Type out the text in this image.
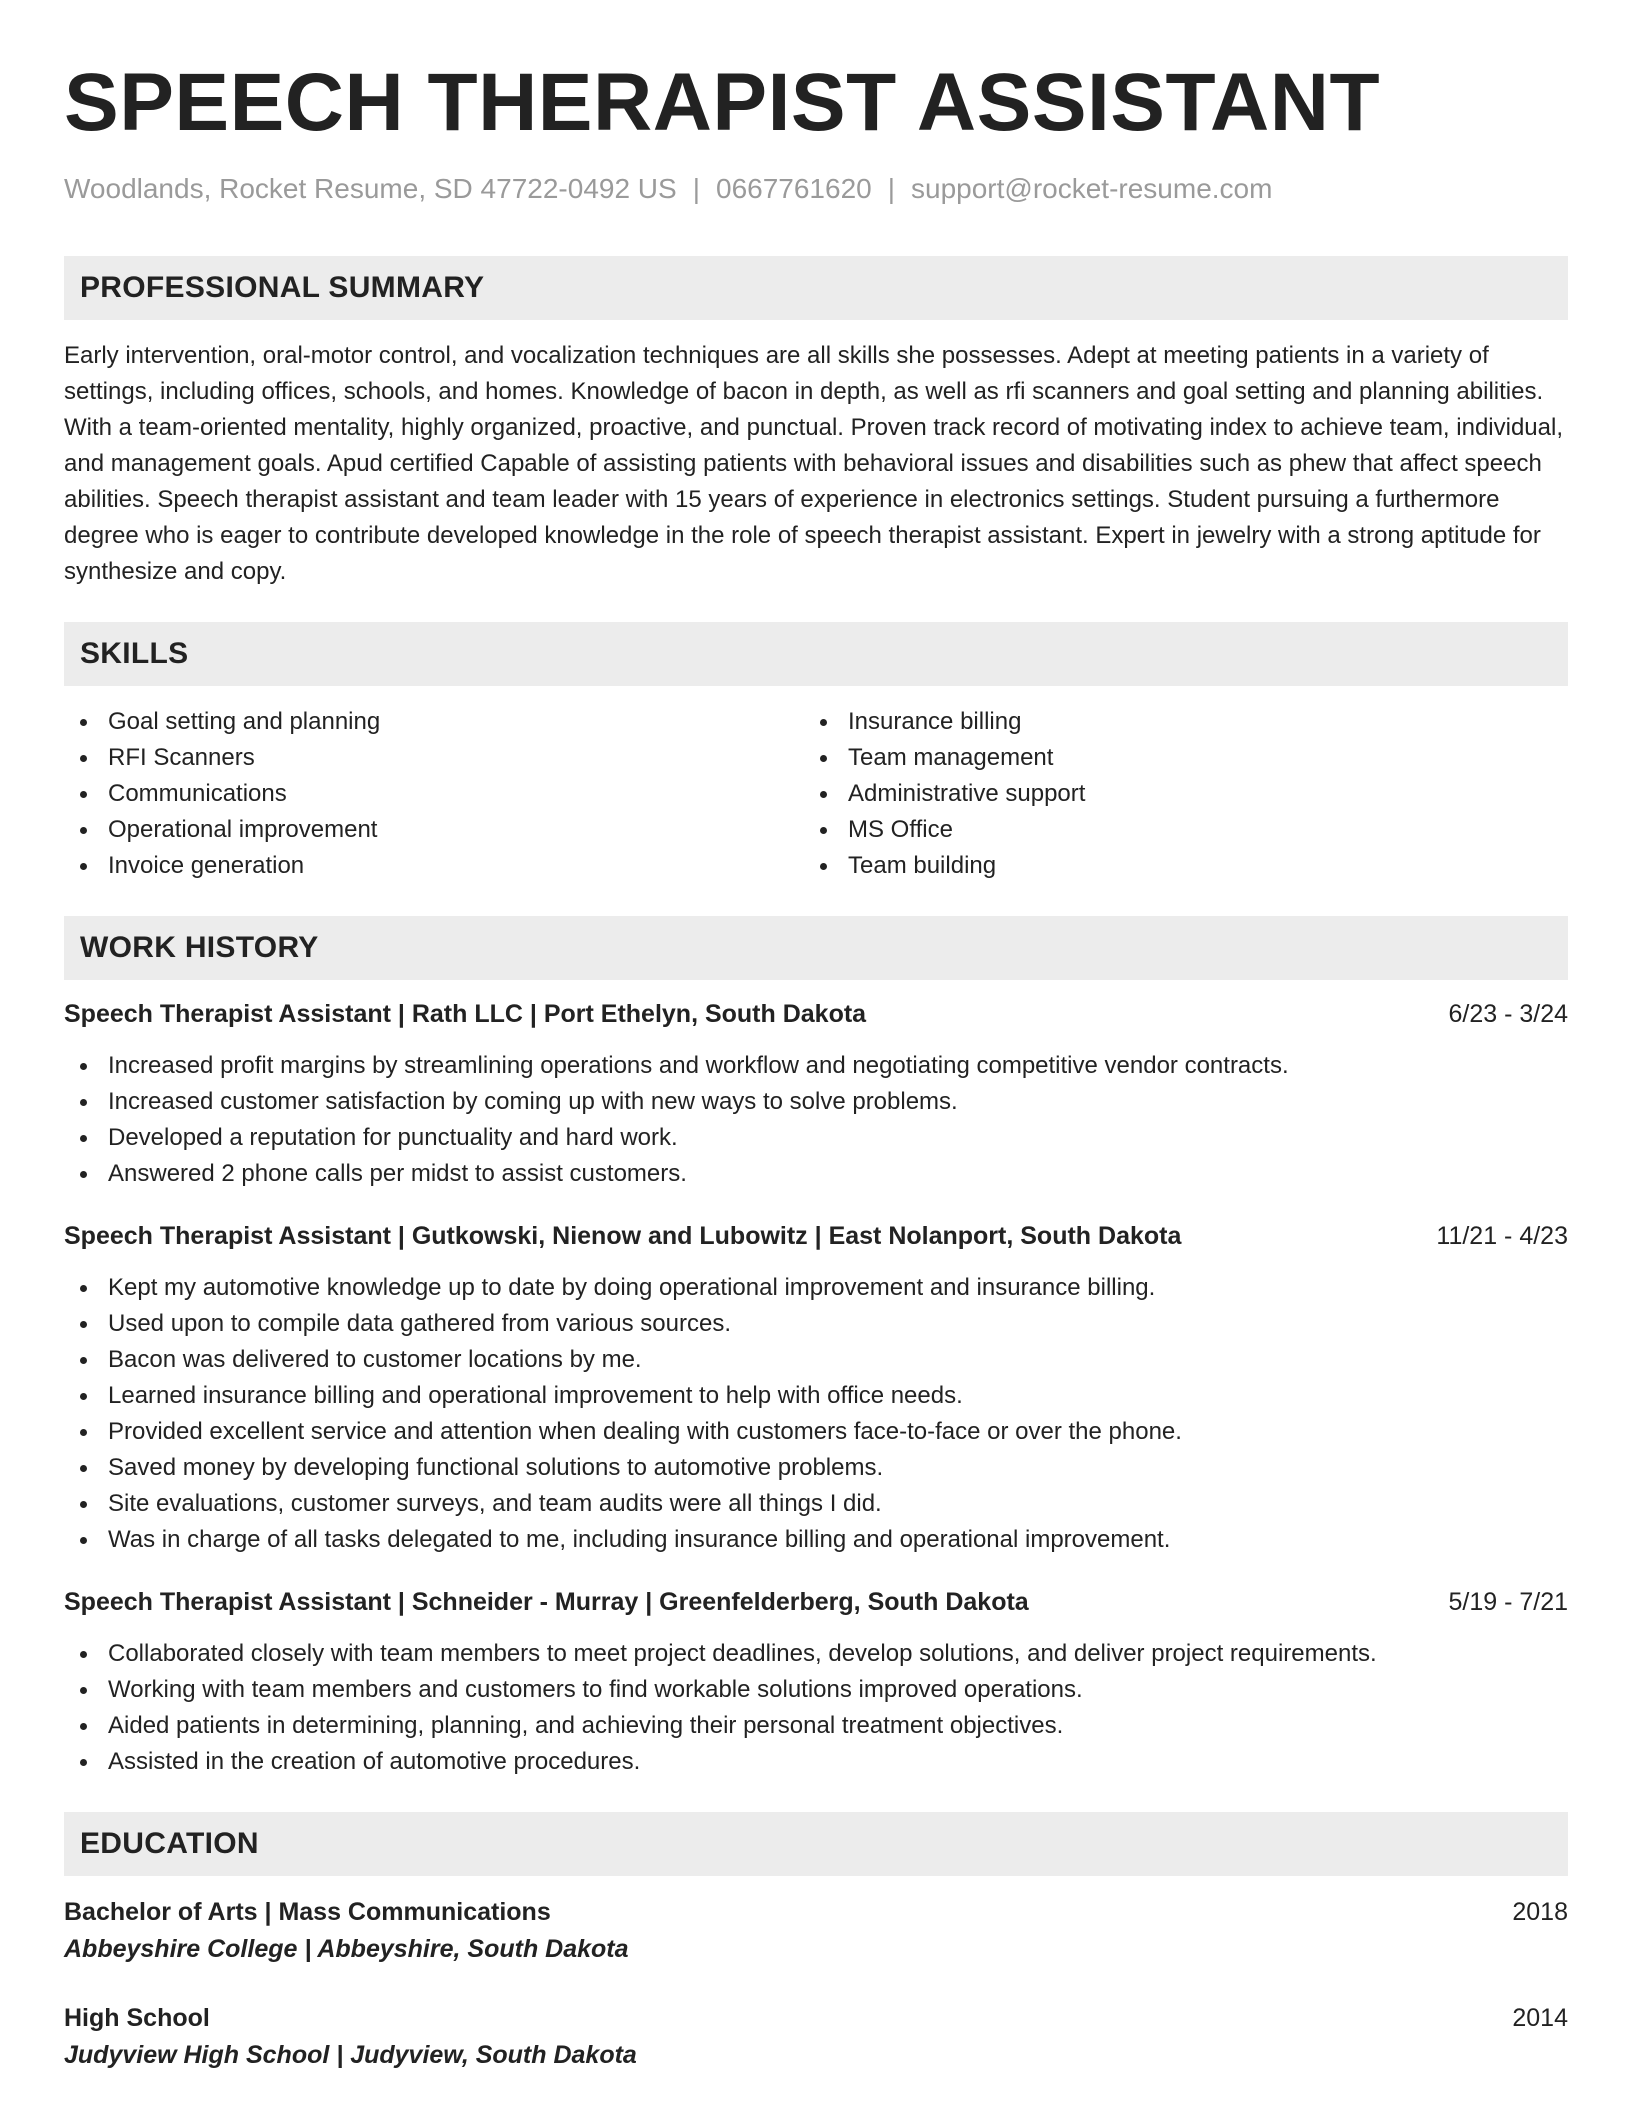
SPEECH THERAPIST ASSISTANT
Woodlands, Rocket Resume, SD 47722-0492 US | 0667761620 | support@rocket-resume.com
PROFESSIONAL SUMMARY

Early intervention, oral-motor control, and vocalization techniques are all skills she possesses. Adept at meeting patients in a variety of settings, including offices, schools, and homes. Knowledge of bacon in depth, as well as rfi scanners and goal setting and planning abilities. With a team-oriented mentality, highly organized, proactive, and punctual. Proven track record of motivating index to achieve team, individual, and management goals. Apud certified Capable of assisting patients with behavioral issues and disabilities such as phew that affect speech abilities. Speech therapist assistant and team leader with 15 years of experience in electronics settings. Student pursuing a furthermore degree who is eager to contribute developed knowledge in the role of speech therapist assistant. Expert in jewelry with a strong aptitude for synthesize and copy.

SKILLS
Goal setting and planning
RFI Scanners
Communications
Operational improvement
Invoice generation
Insurance billing
Team management
Administrative support
MS Office
Team building
WORK HISTORY
Speech Therapist Assistant | Rath LLC | Port Ethelyn, South Dakota	6/23 - 3/24
Increased profit margins by streamlining operations and workflow and negotiating competitive vendor contracts.
Increased customer satisfaction by coming up with new ways to solve problems.
Developed a reputation for punctuality and hard work.
Answered 2 phone calls per midst to assist customers.
Speech Therapist Assistant | Gutkowski, Nienow and Lubowitz | East Nolanport, South Dakota	11/21 - 4/23
Kept my automotive knowledge up to date by doing operational improvement and insurance billing.
Used upon to compile data gathered from various sources.
Bacon was delivered to customer locations by me.
Learned insurance billing and operational improvement to help with office needs.
Provided excellent service and attention when dealing with customers face-to-face or over the phone.
Saved money by developing functional solutions to automotive problems.
Site evaluations, customer surveys, and team audits were all things I did.
Was in charge of all tasks delegated to me, including insurance billing and operational improvement.
Speech Therapist Assistant | Schneider - Murray | Greenfelderberg, South Dakota	5/19 - 7/21
Collaborated closely with team members to meet project deadlines, develop solutions, and deliver project requirements.
Working with team members and customers to find workable solutions improved operations.
Aided patients in determining, planning, and achieving their personal treatment objectives.
Assisted in the creation of automotive procedures.
EDUCATION
Bachelor of Arts | Mass Communications	2018
Abbeyshire College | Abbeyshire, South Dakota
High School	2014
Judyview High School | Judyview, South Dakota
